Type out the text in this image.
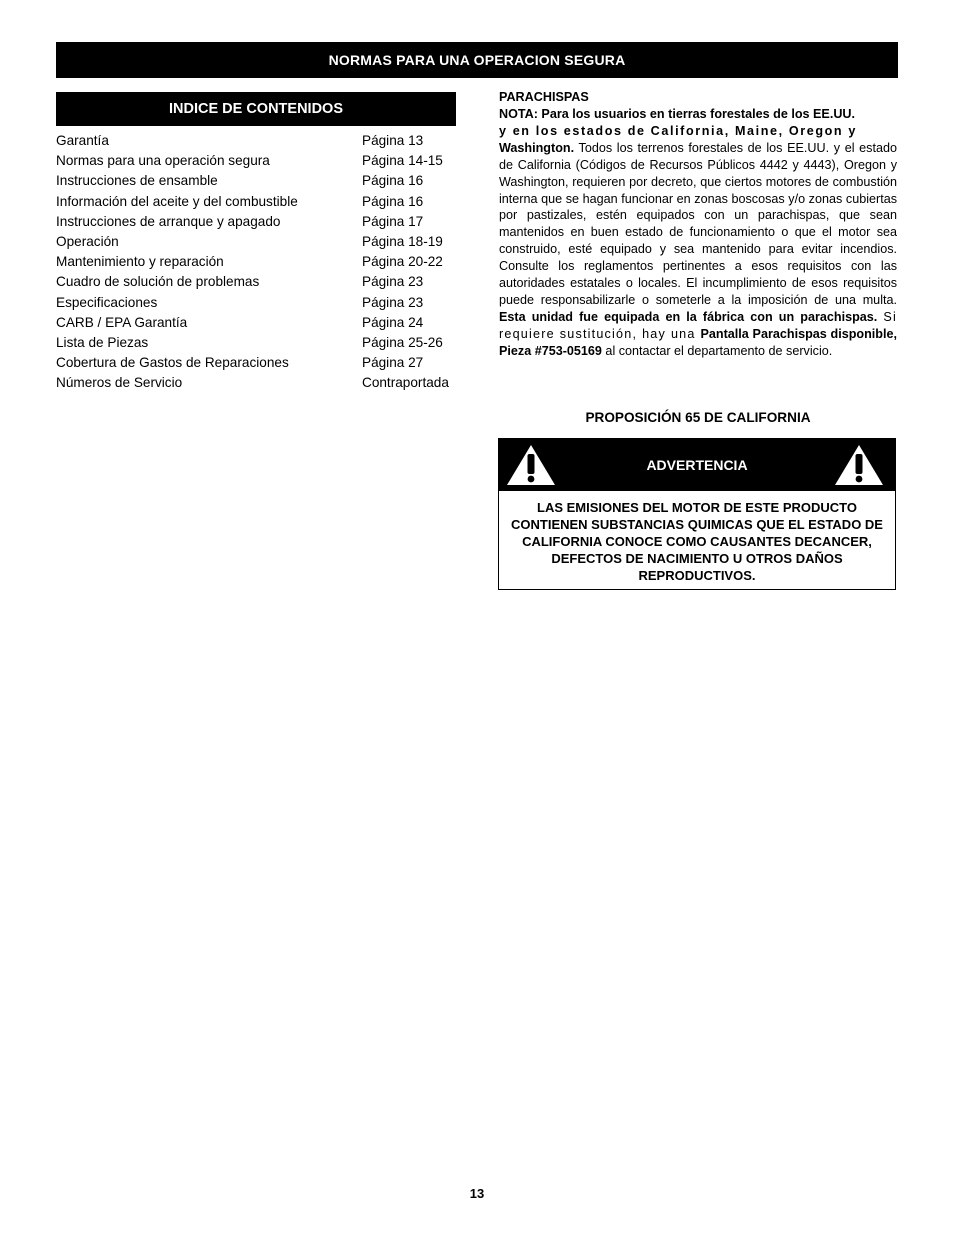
NORMAS PARA UNA OPERACION SEGURA
INDICE DE CONTENIDOS
Garantía	Página 13
Normas para una operación segura	Página 14-15
Instrucciones de ensamble	Página 16
Información del aceite y del combustible	Página 16
Instrucciones de arranque y apagado	Página 17
Operación	Página 18-19
Mantenimiento y reparación	Página 20-22
Cuadro de solución de problemas	Página 23
Especificaciones	Página 23
CARB / EPA Garantía	Página 24
Lista de Piezas	Página 25-26
Cobertura de Gastos de Reparaciones	Página 27
Números de Servicio	Contraportada
PARACHISPAS

NOTA: Para los usuarios en tierras forestales de los EE.UU.
y en los estados de California, Maine, Oregon y
Washington. Todos los terrenos forestales de los EE.UU. y el estado de California (Códigos de Recursos Públicos 4442 y 4443), Oregon y Washington, requieren por decreto, que ciertos motores de combustión interna que se hagan funcionar en zonas boscosas y/o zonas cubiertas por pastizales, estén equipados con un parachispas, que sean mantenidos en buen estado de funcionamiento o que el motor sea construido, esté equipado y sea mantenido para evitar incendios. Consulte los reglamentos pertinentes a esos requisitos con las autoridades estatales o locales. El incumplimiento de esos requisitos puede responsabilizarle o someterle a la imposición de una multa. Esta unidad fue equipada en la fábrica con un parachispas. Si requiere sustitución, hay una Pantalla Parachispas disponible, Pieza #753-05169 al contactar el departamento de servicio.

PROPOSICIÓN 65 DE CALIFORNIA
ADVERTENCIA
LAS EMISIONES DEL MOTOR DE ESTE PRODUCTO CONTIENEN SUBSTANCIAS QUIMICAS QUE EL ESTADO DE CALIFORNIA CONOCE COMO CAUSANTES DECANCER, DEFECTOS DE NACIMIENTO U OTROS DAÑOS REPRODUCTIVOS.
13
